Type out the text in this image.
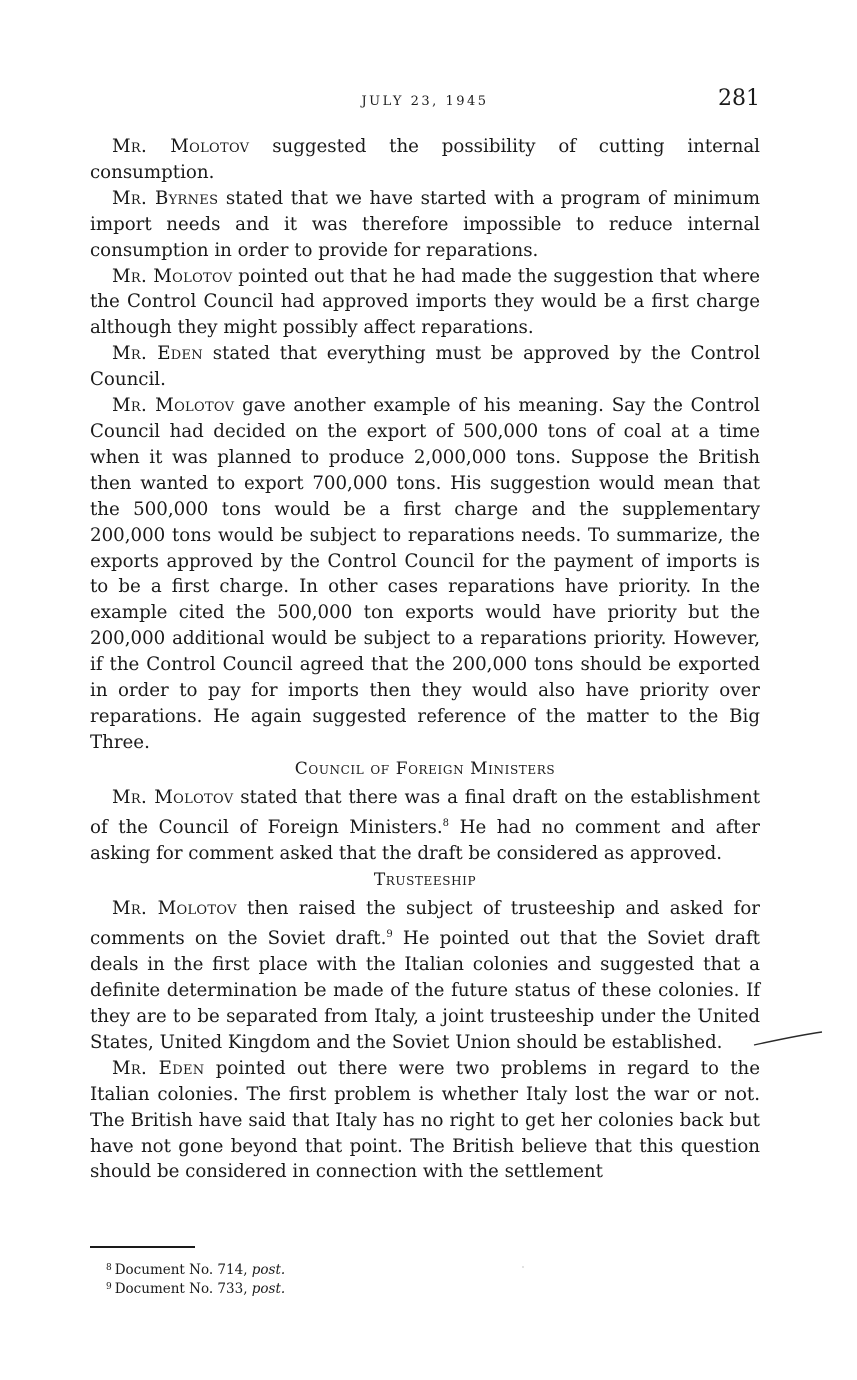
JULY 23, 1945	281

Mr. Molotov suggested the possibility of cutting internal consumption.

Mr. Byrnes stated that we have started with a program of minimum import needs and it was therefore impossible to reduce internal consumption in order to provide for reparations.

Mr. Molotov pointed out that he had made the suggestion that where the Control Council had approved imports they would be a first charge although they might possibly affect reparations.

Mr. Eden stated that everything must be approved by the Control Council.

Mr. Molotov gave another example of his meaning. Say the Control Council had decided on the export of 500,000 tons of coal at a time when it was planned to produce 2,000,000 tons. Suppose the British then wanted to export 700,000 tons. His suggestion would mean that the 500,000 tons would be a first charge and the supplementary 200,000 tons would be subject to reparations needs. To summarize, the exports approved by the Control Council for the payment of imports is to be a first charge. In other cases reparations have priority. In the example cited the 500,000 ton exports would have priority but the 200,000 additional would be subject to a reparations priority. However, if the Control Council agreed that the 200,000 tons should be exported in order to pay for imports then they would also have priority over reparations. He again suggested reference of the matter to the Big Three.

Council of Foreign Ministers

Mr. Molotov stated that there was a final draft on the establishment of the Council of Foreign Ministers.$^8$ He had no comment and after asking for comment asked that the draft be considered as approved.

Trusteeship

Mr. Molotov then raised the subject of trusteeship and asked for comments on the Soviet draft.$^9$ He pointed out that the Soviet draft deals in the first place with the Italian colonies and suggested that a definite determination be made of the future status of these colonies. If they are to be separated from Italy, a joint trusteeship under the United States, United Kingdom and the Soviet Union should be established.

Mr. Eden pointed out there were two problems in regard to the Italian colonies. The first problem is whether Italy lost the war or not. The British have said that Italy has no right to get her colonies back but have not gone beyond that point. The British believe that this question should be considered in connection with the settlement

$^8$ Document No. 714, post.
$^9$ Document No. 733, post.
